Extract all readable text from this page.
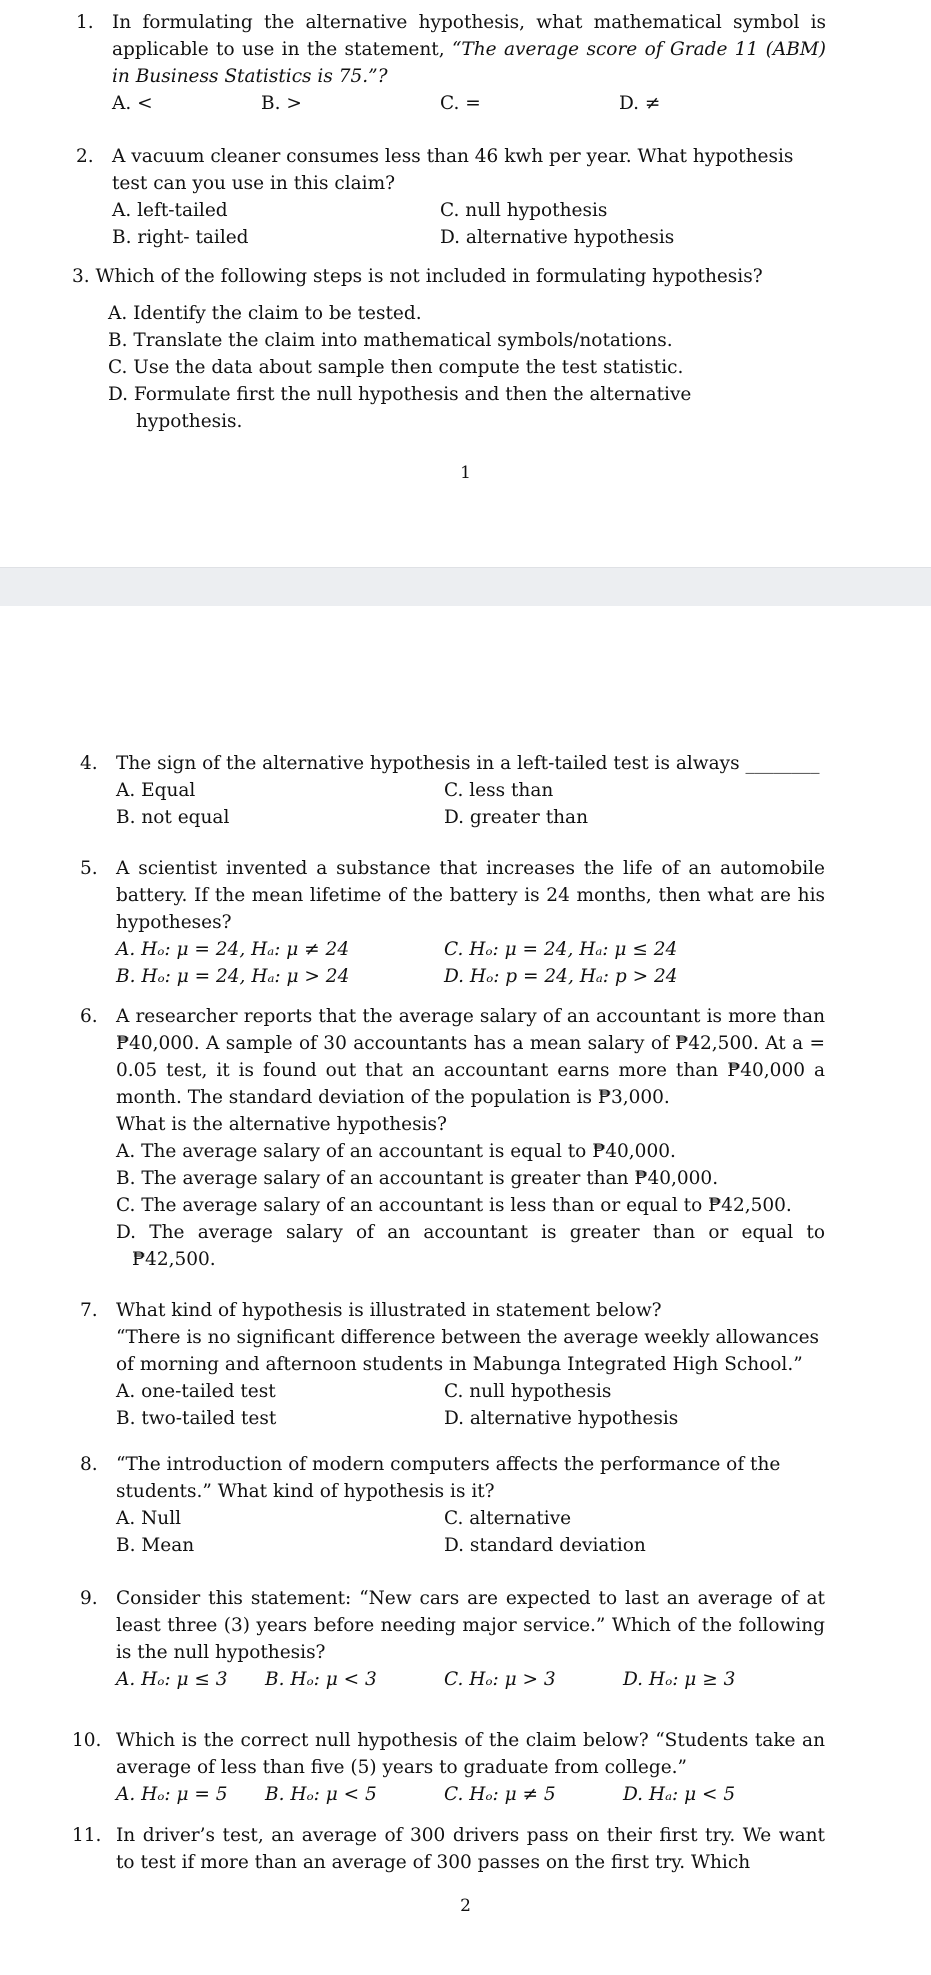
1. In formulating the alternative hypothesis, what mathematical symbol is applicable to use in the statement, “The average score of Grade 11 (ABM) in Business Statistics is 75.”?
A. <	B. >	C. =	D. ≠
2. A vacuum cleaner consumes less than 46 kwh per year. What hypothesis test can you use in this claim?
A. left-tailed	C. null hypothesis
B. right- tailed	D. alternative hypothesis
3. Which of the following steps is not included in formulating hypothesis?
A. Identify the claim to be tested.
B. Translate the claim into mathematical symbols/notations.
C. Use the data about sample then compute the test statistic.
D. Formulate first the null hypothesis and then the alternative hypothesis.
1
4. The sign of the alternative hypothesis in a left-tailed test is always ________
A. Equal	C. less than
B. not equal	D. greater than
5. A scientist invented a substance that increases the life of an automobile battery. If the mean lifetime of the battery is 24 months, then what are his hypotheses?
A. Hₒ: μ = 24, Hₐ: μ ≠ 24	C. Hₒ: μ = 24, Hₐ: μ ≤ 24
B. Hₒ: μ = 24, Hₐ: μ > 24	D. Hₒ: p = 24, Hₐ: p > 24
6. A researcher reports that the average salary of an accountant is more than ₱40,000. A sample of 30 accountants has a mean salary of ₱42,500. At a = 0.05 test, it is found out that an accountant earns more than ₱40,000 a month. The standard deviation of the population is ₱3,000.
What is the alternative hypothesis?
A. The average salary of an accountant is equal to ₱40,000.
B. The average salary of an accountant is greater than ₱40,000.
C. The average salary of an accountant is less than or equal to ₱42,500.
D. The average salary of an accountant is greater than or equal to ₱42,500.
7. What kind of hypothesis is illustrated in statement below?
“There is no significant difference between the average weekly allowances of morning and afternoon students in Mabunga Integrated High School.”
A. one-tailed test	C. null hypothesis
B. two-tailed test	D. alternative hypothesis
8. “The introduction of modern computers affects the performance of the students.” What kind of hypothesis is it?
A. Null	C. alternative
B. Mean	D. standard deviation
9. Consider this statement: “New cars are expected to last an average of at least three (3) years before needing major service.” Which of the following is the null hypothesis?
A. Hₒ: μ ≤ 3	B. Hₒ: μ < 3	C. Hₒ: μ > 3	D. Hₒ: μ ≥ 3
10. Which is the correct null hypothesis of the claim below? “Students take an average of less than five (5) years to graduate from college.”
A. Hₒ: μ = 5	B. Hₒ: μ < 5	C. Hₒ: μ ≠ 5	D. Hₐ: μ < 5
11. In driver’s test, an average of 300 drivers pass on their first try. We want to test if more than an average of 300 passes on the first try. Which
2
